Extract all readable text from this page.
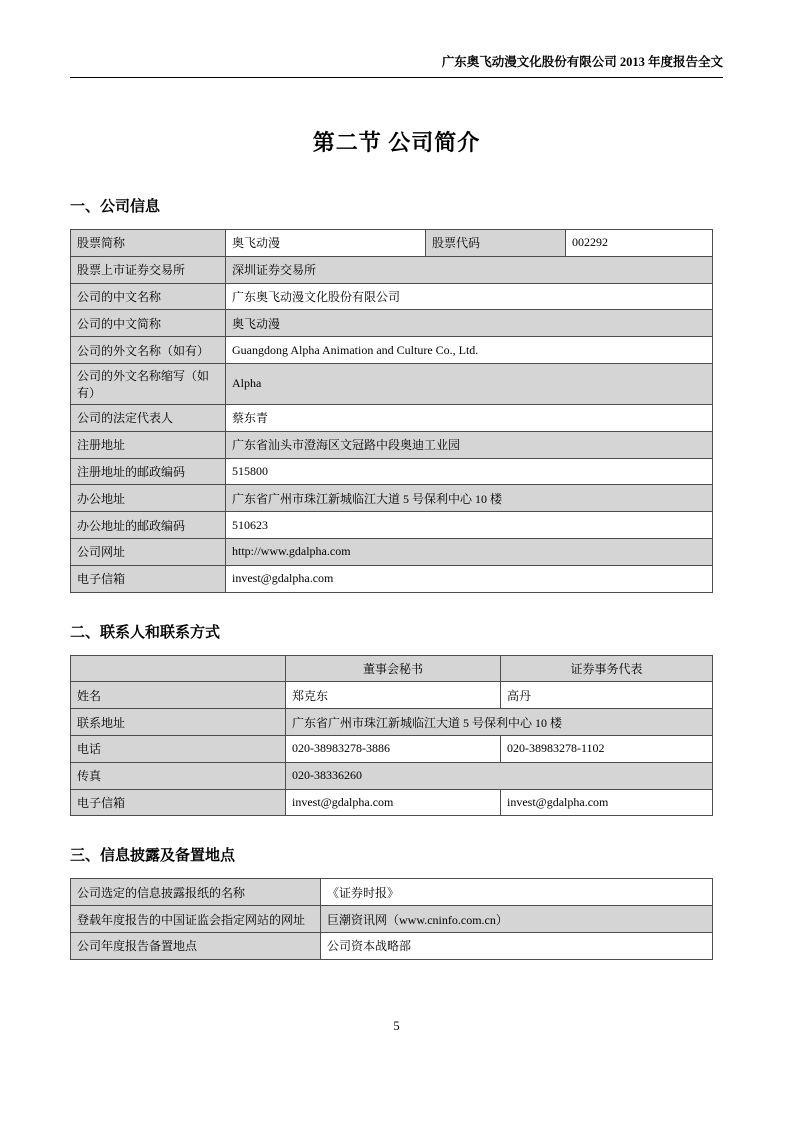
广东奥飞动漫文化股份有限公司 2013 年度报告全文
第二节 公司简介
一、公司信息
股票简称	奥飞动漫	股票代码	002292
股票上市证券交易所	深圳证券交易所		
公司的中文名称	广东奥飞动漫文化股份有限公司		
公司的中文简称	奥飞动漫		
公司的外文名称（如有）	Guangdong Alpha Animation and Culture Co., Ltd.		
公司的外文名称缩写（如有）	Alpha		
公司的法定代表人	蔡东青		
注册地址	广东省汕头市澄海区文冠路中段奥迪工业园		
注册地址的邮政编码	515800		
办公地址	广东省广州市珠江新城临江大道 5 号保利中心 10 楼		
办公地址的邮政编码	510623		
公司网址	http://www.gdalpha.com		
电子信箱	invest@gdalpha.com		
二、联系人和联系方式
	董事会秘书	证券事务代表
姓名	郑克东	高丹
联系地址	广东省广州市珠江新城临江大道 5 号保利中心 10 楼	
电话	020-38983278-3886	020-38983278-1102
传真	020-38336260	
电子信箱	invest@gdalpha.com	invest@gdalpha.com
三、信息披露及备置地点
公司选定的信息披露报纸的名称	《证券时报》
登载年度报告的中国证监会指定网站的网址	巨潮资讯网（www.cninfo.com.cn）
公司年度报告备置地点	公司资本战略部
5
